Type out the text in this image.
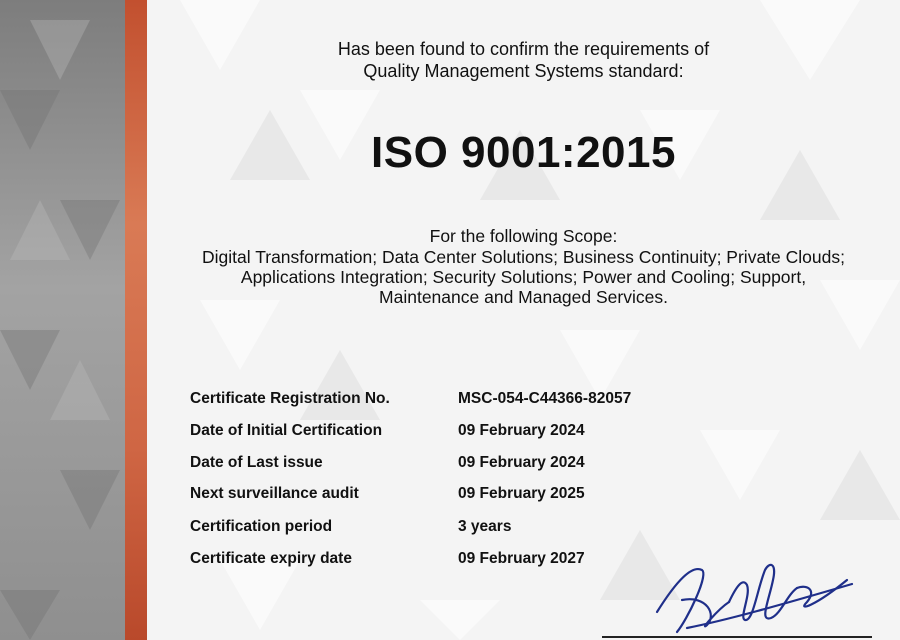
Has been found to confirm the requirements of
Quality Management Systems standard:
ISO 9001:2015
For the following Scope:
Digital Transformation; Data Center Solutions; Business Continuity; Private Clouds;
Applications Integration; Security Solutions; Power and Cooling; Support,
Maintenance and Managed Services.
Certificate Registration No.	MSC-054-C44366-82057
Date of Initial Certification	09 February 2024
Date of Last issue	09 February 2024
Next surveillance audit	09 February 2025
Certification period	3 years
Certificate expiry date	09 February 2027
